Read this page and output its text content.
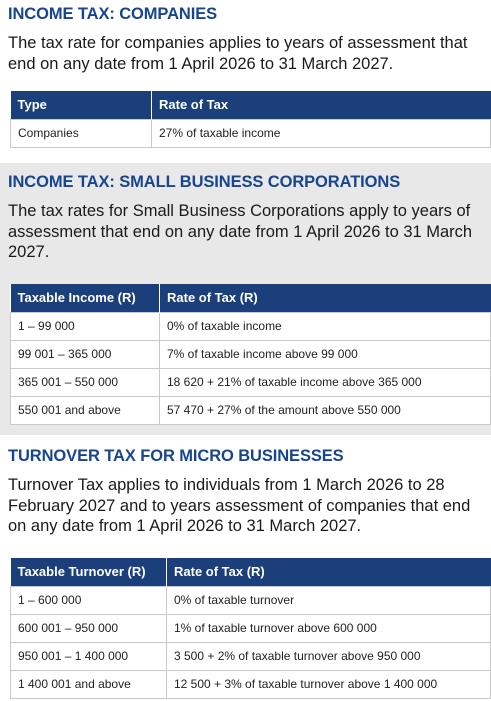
INCOME TAX: COMPANIES
The tax rate for companies applies to years of assessment that end on any date from 1 April 2026 to 31 March 2027.
Type	Rate of Tax
Companies	27% of taxable income
INCOME TAX: SMALL BUSINESS CORPORATIONS
The tax rates for Small Business Corporations apply to years of assessment that end on any date from 1 April 2026 to 31 March 2027.
Taxable Income (R)	Rate of Tax (R)
1 – 99 000	0% of taxable income
99 001 – 365 000	7% of taxable income above 99 000
365 001 – 550 000	18 620 + 21% of taxable income above 365 000
550 001 and above	57 470 + 27% of the amount above 550 000
TURNOVER TAX FOR MICRO BUSINESSES
Turnover Tax applies to individuals from 1 March 2026 to 28 February 2027 and to years assessment of companies that end on any date from 1 April 2026 to 31 March 2027.
Taxable Turnover (R)	Rate of Tax (R)
1 – 600 000	0% of taxable turnover
600 001 – 950 000	1% of taxable turnover above 600 000
950 001 – 1 400 000	3 500 + 2% of taxable turnover above 950 000
1 400 001 and above	12 500 + 3% of taxable turnover above 1 400 000
